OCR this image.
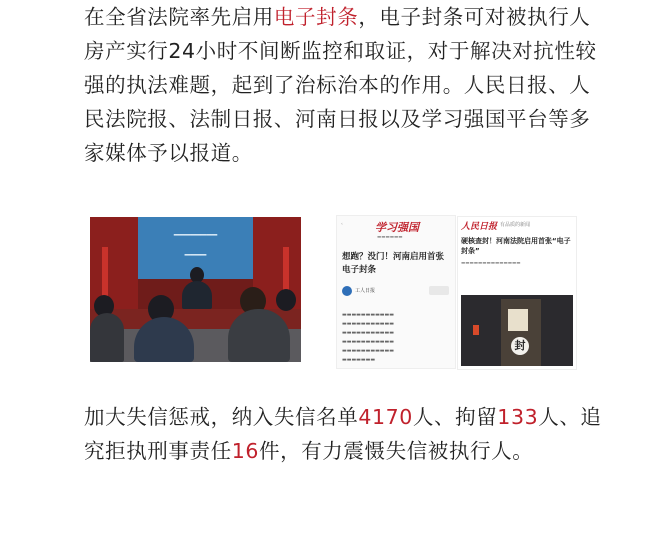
在全省法院率先启用电子封条，电子封条可对被执行人房产实行24小时不间断监控和取证，对于解决对抗性较强的执法难题，起到了治标治本的作用。人民日报、人民法院报、法制日报、河南日报以及学习强国平台等多家媒体予以报道。

━━━━━━━━
━━━━
‹	学习强国
▬▬▬▬▬▬
想跑？没门！河南启用首张电子封条
工人日报
▬▬▬▬▬▬▬▬▬▬▬
▬▬▬▬▬▬▬▬▬▬▬
▬▬▬▬▬▬▬▬▬▬▬
▬▬▬▬▬▬▬▬▬▬▬
▬▬▬▬▬▬▬▬▬▬▬
▬▬▬▬▬▬▬
人民日报 有品质的新闻
硬核查封！河南法院启用首张“电子封条”
▬▬▬▬▬▬▬▬▬▬▬▬▬▬
封

加大失信惩戒，纳入失信名单4170人、拘留133人、追究拒执刑事责任16件，有力震慑失信被执行人。
